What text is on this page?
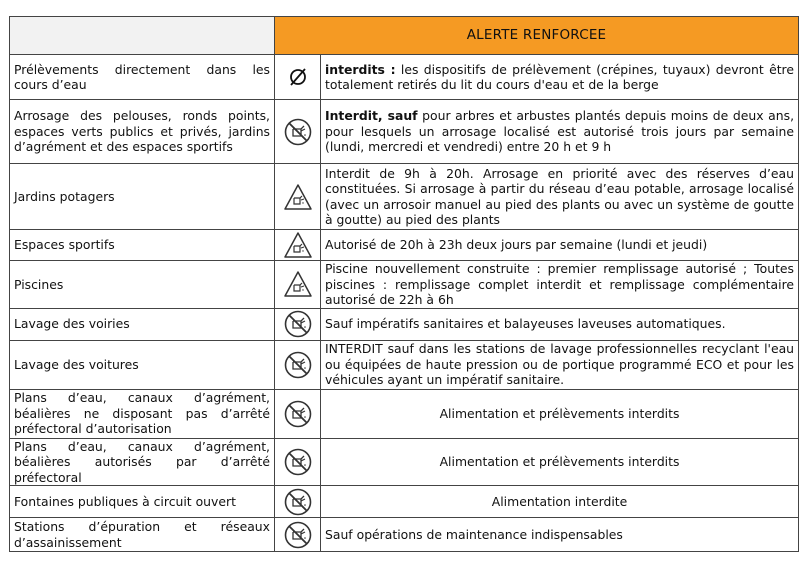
	ALERTE RENFORCEE	
Prélèvements directement dans les cours d’eau		interdits : les dispositifs de prélèvement (crépines, tuyaux) devront être totalement retirés du lit du cours d'eau et de la berge
Arrosage des pelouses, ronds points, espaces verts publics et privés, jardins d’agrément et des espaces sportifs		Interdit, sauf pour arbres et arbustes plantés depuis moins de deux ans, pour lesquels un arrosage localisé est autorisé trois jours par semaine (lundi, mercredi et vendredi) entre 20 h et 9 h
Jardins potagers		Interdit de 9h à 20h. Arrosage en priorité avec des réserves d’eau constituées. Si arrosage à partir du réseau d’eau potable, arrosage localisé (avec un arrosoir manuel au pied des plants ou avec un système de goutte à goutte) au pied des plants
Espaces sportifs		Autorisé de 20h à 23h deux jours par semaine (lundi et jeudi)
Piscines		Piscine nouvellement construite : premier remplissage autorisé ; Toutes piscines : remplissage complet interdit et remplissage complémentaire autorisé de 22h à 6h
Lavage des voiries		Sauf impératifs sanitaires et balayeuses laveuses automatiques.
Lavage des voitures		INTERDIT sauf dans les stations de lavage professionnelles recyclant l'eau ou équipées de haute pression ou de portique programmé ECO et pour les véhicules ayant un impératif sanitaire.
Plans d’eau, canaux d’agrément, béalières ne disposant pas d’arrêté préfectoral d’autorisation		Alimentation et prélèvements interdits
Plans d’eau, canaux d’agrément, béalières autorisés par d’arrêté préfectoral		Alimentation et prélèvements interdits
Fontaines publiques à circuit ouvert		Alimentation interdite
Stations d’épuration et réseaux d’assainissement		Sauf opérations de maintenance indispensables
